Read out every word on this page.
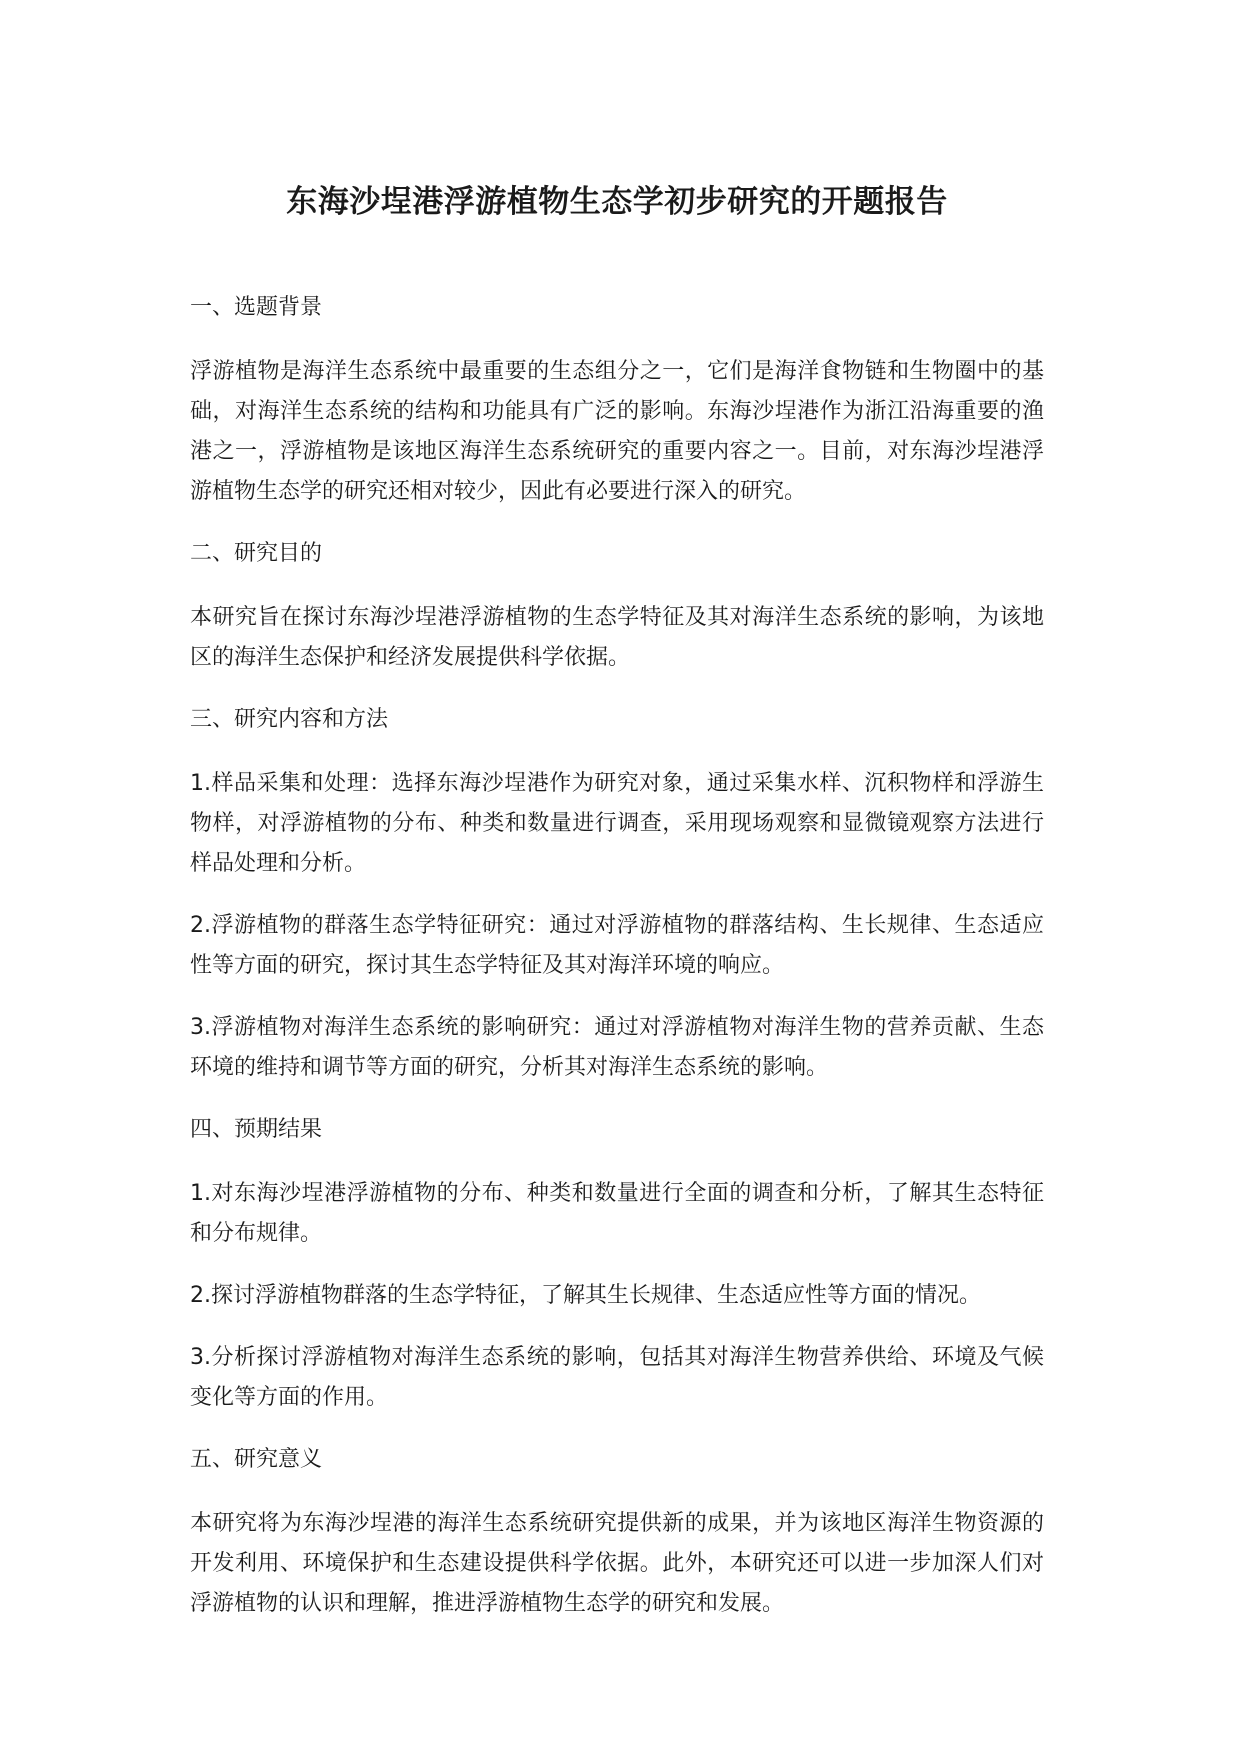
东海沙埕港浮游植物生态学初步研究的开题报告
一、选题背景

浮游植物是海洋生态系统中最重要的生态组分之一，它们是海洋食物链和生物圈中的基础，对海洋生态系统的结构和功能具有广泛的影响。东海沙埕港作为浙江沿海重要的渔港之一，浮游植物是该地区海洋生态系统研究的重要内容之一。目前，对东海沙埕港浮游植物生态学的研究还相对较少，因此有必要进行深入的研究。

二、研究目的

本研究旨在探讨东海沙埕港浮游植物的生态学特征及其对海洋生态系统的影响，为该地区的海洋生态保护和经济发展提供科学依据。

三、研究内容和方法

1.样品采集和处理：选择东海沙埕港作为研究对象，通过采集水样、沉积物样和浮游生物样，对浮游植物的分布、种类和数量进行调查，采用现场观察和显微镜观察方法进行样品处理和分析。

2.浮游植物的群落生态学特征研究：通过对浮游植物的群落结构、生长规律、生态适应性等方面的研究，探讨其生态学特征及其对海洋环境的响应。

3.浮游植物对海洋生态系统的影响研究：通过对浮游植物对海洋生物的营养贡献、生态环境的维持和调节等方面的研究，分析其对海洋生态系统的影响。

四、预期结果

1.对东海沙埕港浮游植物的分布、种类和数量进行全面的调查和分析，了解其生态特征和分布规律。

2.探讨浮游植物群落的生态学特征，了解其生长规律、生态适应性等方面的情况。

3.分析探讨浮游植物对海洋生态系统的影响，包括其对海洋生物营养供给、环境及气候变化等方面的作用。

五、研究意义

本研究将为东海沙埕港的海洋生态系统研究提供新的成果，并为该地区海洋生物资源的开发利用、环境保护和生态建设提供科学依据。此外，本研究还可以进一步加深人们对浮游植物的认识和理解，推进浮游植物生态学的研究和发展。
